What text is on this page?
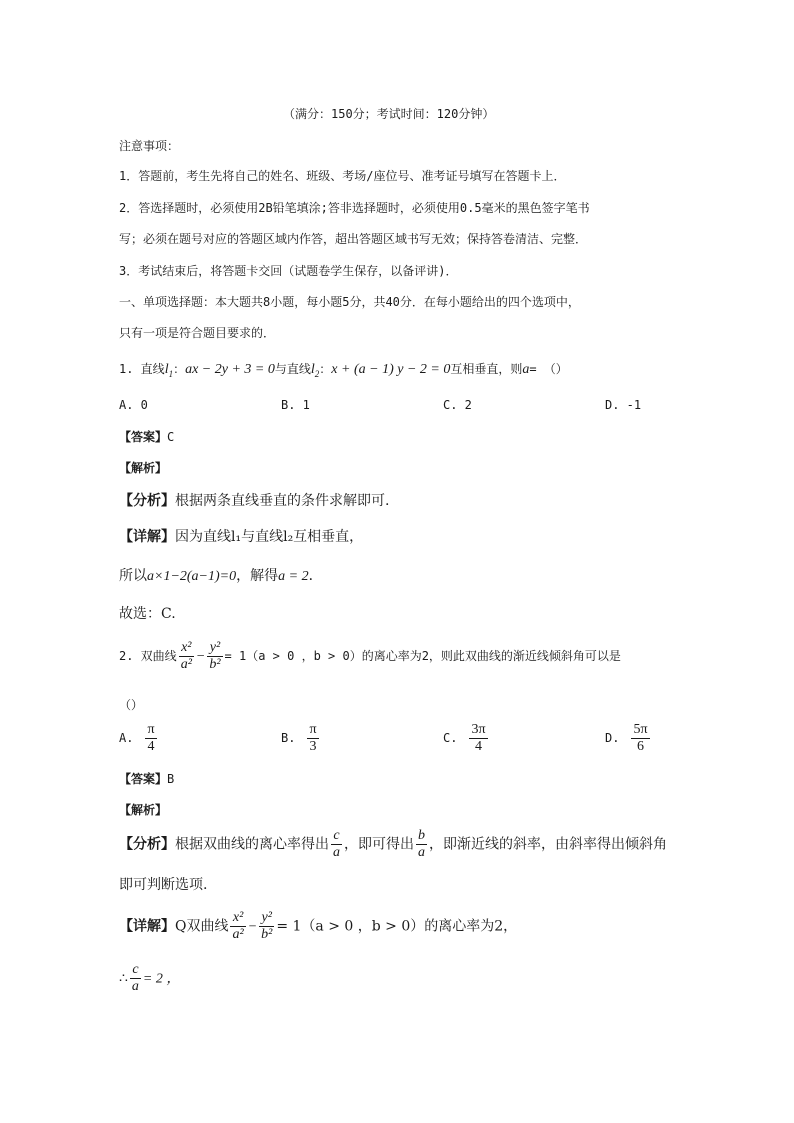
（满分：150分；考试时间：120分钟）
注意事项：
1．答题前，考生先将自己的姓名、班级、考场/座位号、准考证号填写在答题卡上．
2．答选择题时，必须使用2B铅笔填涂;答非选择题时，必须使用0.5毫米的黑色签字笔书
写；必须在题号对应的答题区域内作答，超出答题区域书写无效；保持答卷清洁、完整．
3．考试结束后，将答题卡交回（试题卷学生保存，以备评讲)．
一、单项选择题：本大题共8小题，每小题5分，共40分．在每小题给出的四个选项中，
只有一项是符合题目要求的．
1. 直线$l_1$：ax − 2y + 3 = 0与直线$l_2$：x + (a − 1) y − 2 = 0互相垂直，则a= （）
A. 0	B. 1	C. 2	D. -1
【答案】C
【解析】
【分析】根据两条直线垂直的条件求解即可.
【详解】因为直线l₁与直线l₂互相垂直，
所以a×1−2(a−1)=0，解得a = 2．
故选：C.
2. 双曲线 $\frac{\text{x²}}{\text{a²}} - \frac{\text{y²}}{\text{b²}} = 1(a > 0$ ，b > 0）的离心率为2，则此双曲线的渐近线倾斜角可以是
（）
A. $\frac{\pi}{4}$	B. $\frac{\pi}{3}$	C. $\frac{3\pi}{4}$	D. $\frac{5\pi}{6}$
【答案】B
【解析】
【分析】根据双曲线的离心率得出 $\frac{c}{a}$ ，即可得出 $\frac{b}{a}$ ，即渐近线的斜率，由斜率得出倾斜角
即可判断选项.
【详解】Q双曲线 $\frac{\text{x²}}{\text{a²}} - \frac{\text{y²}}{\text{b²}} = 1(a > 0$ ，b > 0）的离心率为2，
∴ $\frac{c}{a} = 2$ ，
